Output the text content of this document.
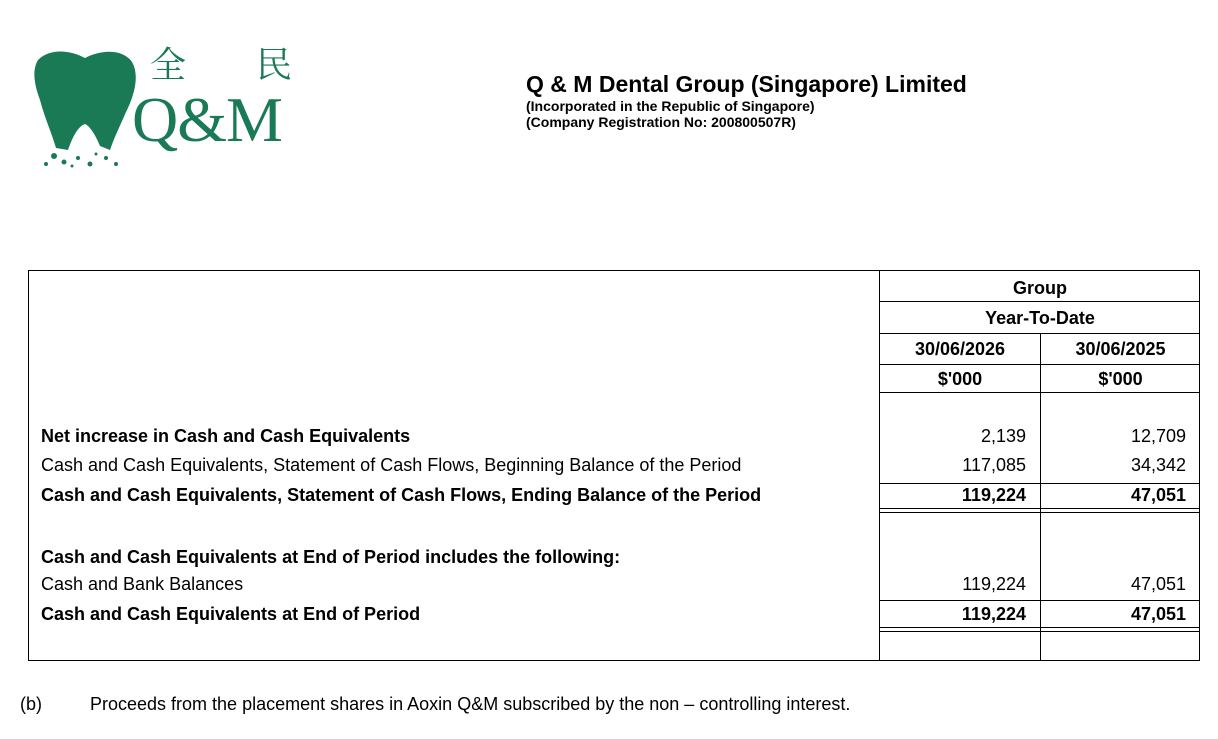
全 民
Q&M	Q & M Dental Group (Singapore) Limited
(Incorporated in the Republic of Singapore)
(Company Registration No: 200800507R)
Group
Year-To-Date
30/06/2026	30/06/2025
$'000	$'000
Net increase in Cash and Cash Equivalents	2,139	12,709
Cash and Cash Equivalents, Statement of Cash Flows, Beginning Balance of the Period	117,085	34,342
Cash and Cash Equivalents, Statement of Cash Flows, Ending Balance of the Period	119,224	47,051
Cash and Cash Equivalents at End of Period includes the following:
Cash and Bank Balances	119,224	47,051
Cash and Cash Equivalents at End of Period	119,224	47,051
(b)	Proceeds from the placement shares in Aoxin Q&M subscribed by the non – controlling interest.
